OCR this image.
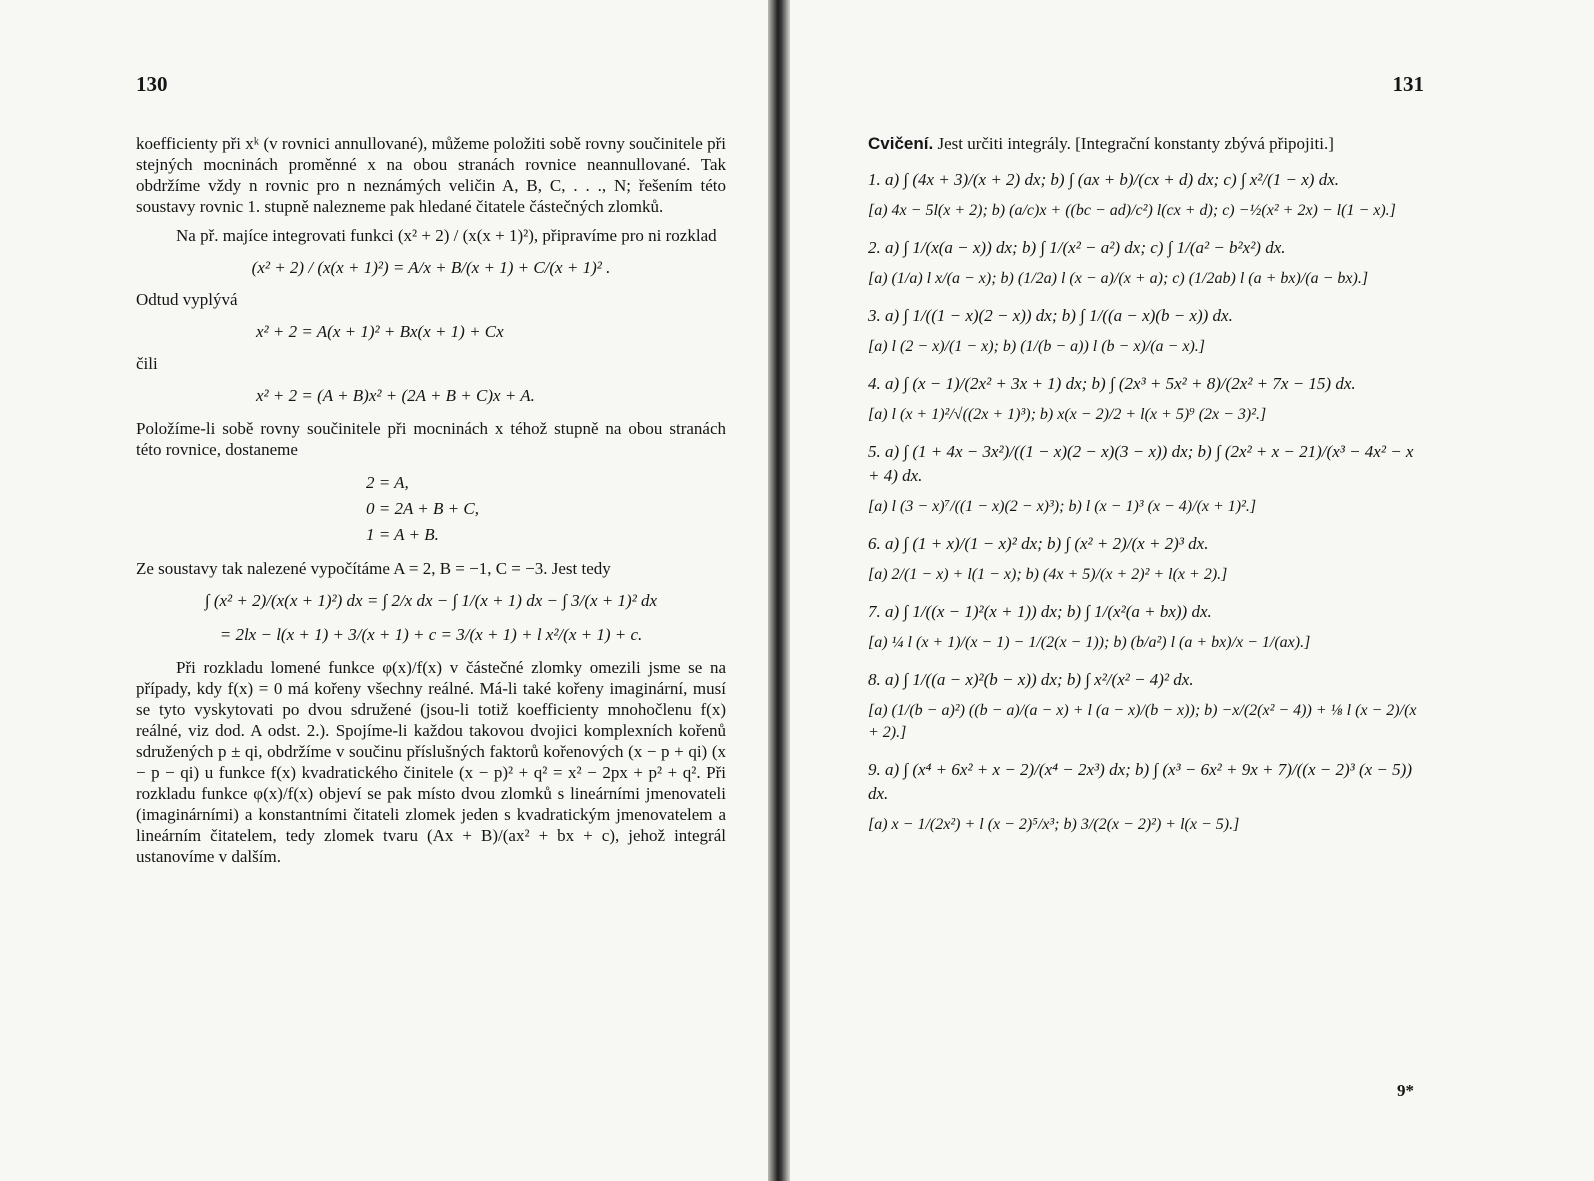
130

koefficienty při xᵏ (v rovnici annullované), můžeme položiti sobě rovny součinitele při stejných mocninách proměnné x na obou stranách rovnice neannullované. Tak obdržíme vždy n rovnic pro n neznámých veličin A, B, C, . . ., N; řešením této soustavy rovnic 1. stupně nalezneme pak hledané čitatele částečných zlomků.

Na př. majíce integrovati funkci (x² + 2) / (x(x + 1)²), připravíme pro ni rozklad

(x² + 2) / (x(x + 1)²) = A/x + B/(x + 1) + C/(x + 1)² .
Odtud vyplývá
x² + 2 = A(x + 1)² + Bx(x + 1) + Cx
čili
x² + 2 = (A + B)x² + (2A + B + C)x + A.

Položíme-li sobě rovny součinitele při mocninách x téhož stupně na obou stranách této rovnice, dostaneme

2 = A,
0 = 2A + B + C,
1 = A + B.

Ze soustavy tak nalezené vypočítáme A = 2, B = −1, C = −3. Jest tedy

∫ (x² + 2)/(x(x + 1)²) dx = ∫ 2/x dx − ∫ 1/(x + 1) dx − ∫ 3/(x + 1)² dx
= 2lx − l(x + 1) + 3/(x + 1) + c = 3/(x + 1) + l x²/(x + 1) + c.

Při rozkladu lomené funkce φ(x)/f(x) v částečné zlomky omezili jsme se na případy, kdy f(x) = 0 má kořeny všechny reálné. Má-li také kořeny imaginární, musí se tyto vyskytovati po dvou sdružené (jsou-li totiž koefficienty mnohočlenu f(x) reálné, viz dod. A odst. 2.). Spojíme-li každou takovou dvojici komplexních kořenů sdružených p ± qi, obdržíme v součinu příslušných faktorů kořenových (x − p + qi) (x − p − qi) u funkce f(x) kvadratického činitele (x − p)² + q² = x² − 2px + p² + q². Při rozkladu funkce φ(x)/f(x) objeví se pak místo dvou zlomků s lineárními jmenovateli (imaginárními) a konstantními čitateli zlomek jeden s kvadratickým jmenovatelem a lineárním čitatelem, tedy zlomek tvaru (Ax + B)/(ax² + bx + c), jehož integrál ustanovíme v dalším.

131

Cvičení. Jest určiti integrály. [Integrační konstanty zbývá připojiti.]

1. a) ∫ (4x + 3)/(x + 2) dx; b) ∫ (ax + b)/(cx + d) dx; c) ∫ x²/(1 − x) dx.
[a) 4x − 5l(x + 2); b) (a/c)x + ((bc − ad)/c²) l(cx + d); c) −½(x² + 2x) − l(1 − x).]
2. a) ∫ 1/(x(a − x)) dx; b) ∫ 1/(x² − a²) dx; c) ∫ 1/(a² − b²x²) dx.
[a) (1/a) l x/(a − x); b) (1/2a) l (x − a)/(x + a); c) (1/2ab) l (a + bx)/(a − bx).]
3. a) ∫ 1/((1 − x)(2 − x)) dx; b) ∫ 1/((a − x)(b − x)) dx.
[a) l (2 − x)/(1 − x); b) (1/(b − a)) l (b − x)/(a − x).]
4. a) ∫ (x − 1)/(2x² + 3x + 1) dx; b) ∫ (2x³ + 5x² + 8)/(2x² + 7x − 15) dx.
[a) l (x + 1)²/√((2x + 1)³); b) x(x − 2)/2 + l(x + 5)⁹ (2x − 3)².]
5. a) ∫ (1 + 4x − 3x²)/((1 − x)(2 − x)(3 − x)) dx; b) ∫ (2x² + x − 21)/(x³ − 4x² − x + 4) dx.
[a) l (3 − x)⁷/((1 − x)(2 − x)³); b) l (x − 1)³ (x − 4)/(x + 1)².]
6. a) ∫ (1 + x)/(1 − x)² dx; b) ∫ (x² + 2)/(x + 2)³ dx.
[a) 2/(1 − x) + l(1 − x); b) (4x + 5)/(x + 2)² + l(x + 2).]
7. a) ∫ 1/((x − 1)²(x + 1)) dx; b) ∫ 1/(x²(a + bx)) dx.
[a) ¼ l (x + 1)/(x − 1) − 1/(2(x − 1)); b) (b/a²) l (a + bx)/x − 1/(ax).]
8. a) ∫ 1/((a − x)²(b − x)) dx; b) ∫ x²/(x² − 4)² dx.
[a) (1/(b − a)²) ((b − a)/(a − x) + l (a − x)/(b − x)); b) −x/(2(x² − 4)) + ⅛ l (x − 2)/(x + 2).]
9. a) ∫ (x⁴ + 6x² + x − 2)/(x⁴ − 2x³) dx; b) ∫ (x³ − 6x² + 9x + 7)/((x − 2)³ (x − 5)) dx.
[a) x − 1/(2x²) + l (x − 2)⁵/x³; b) 3/(2(x − 2)²) + l(x − 5).]
9*
